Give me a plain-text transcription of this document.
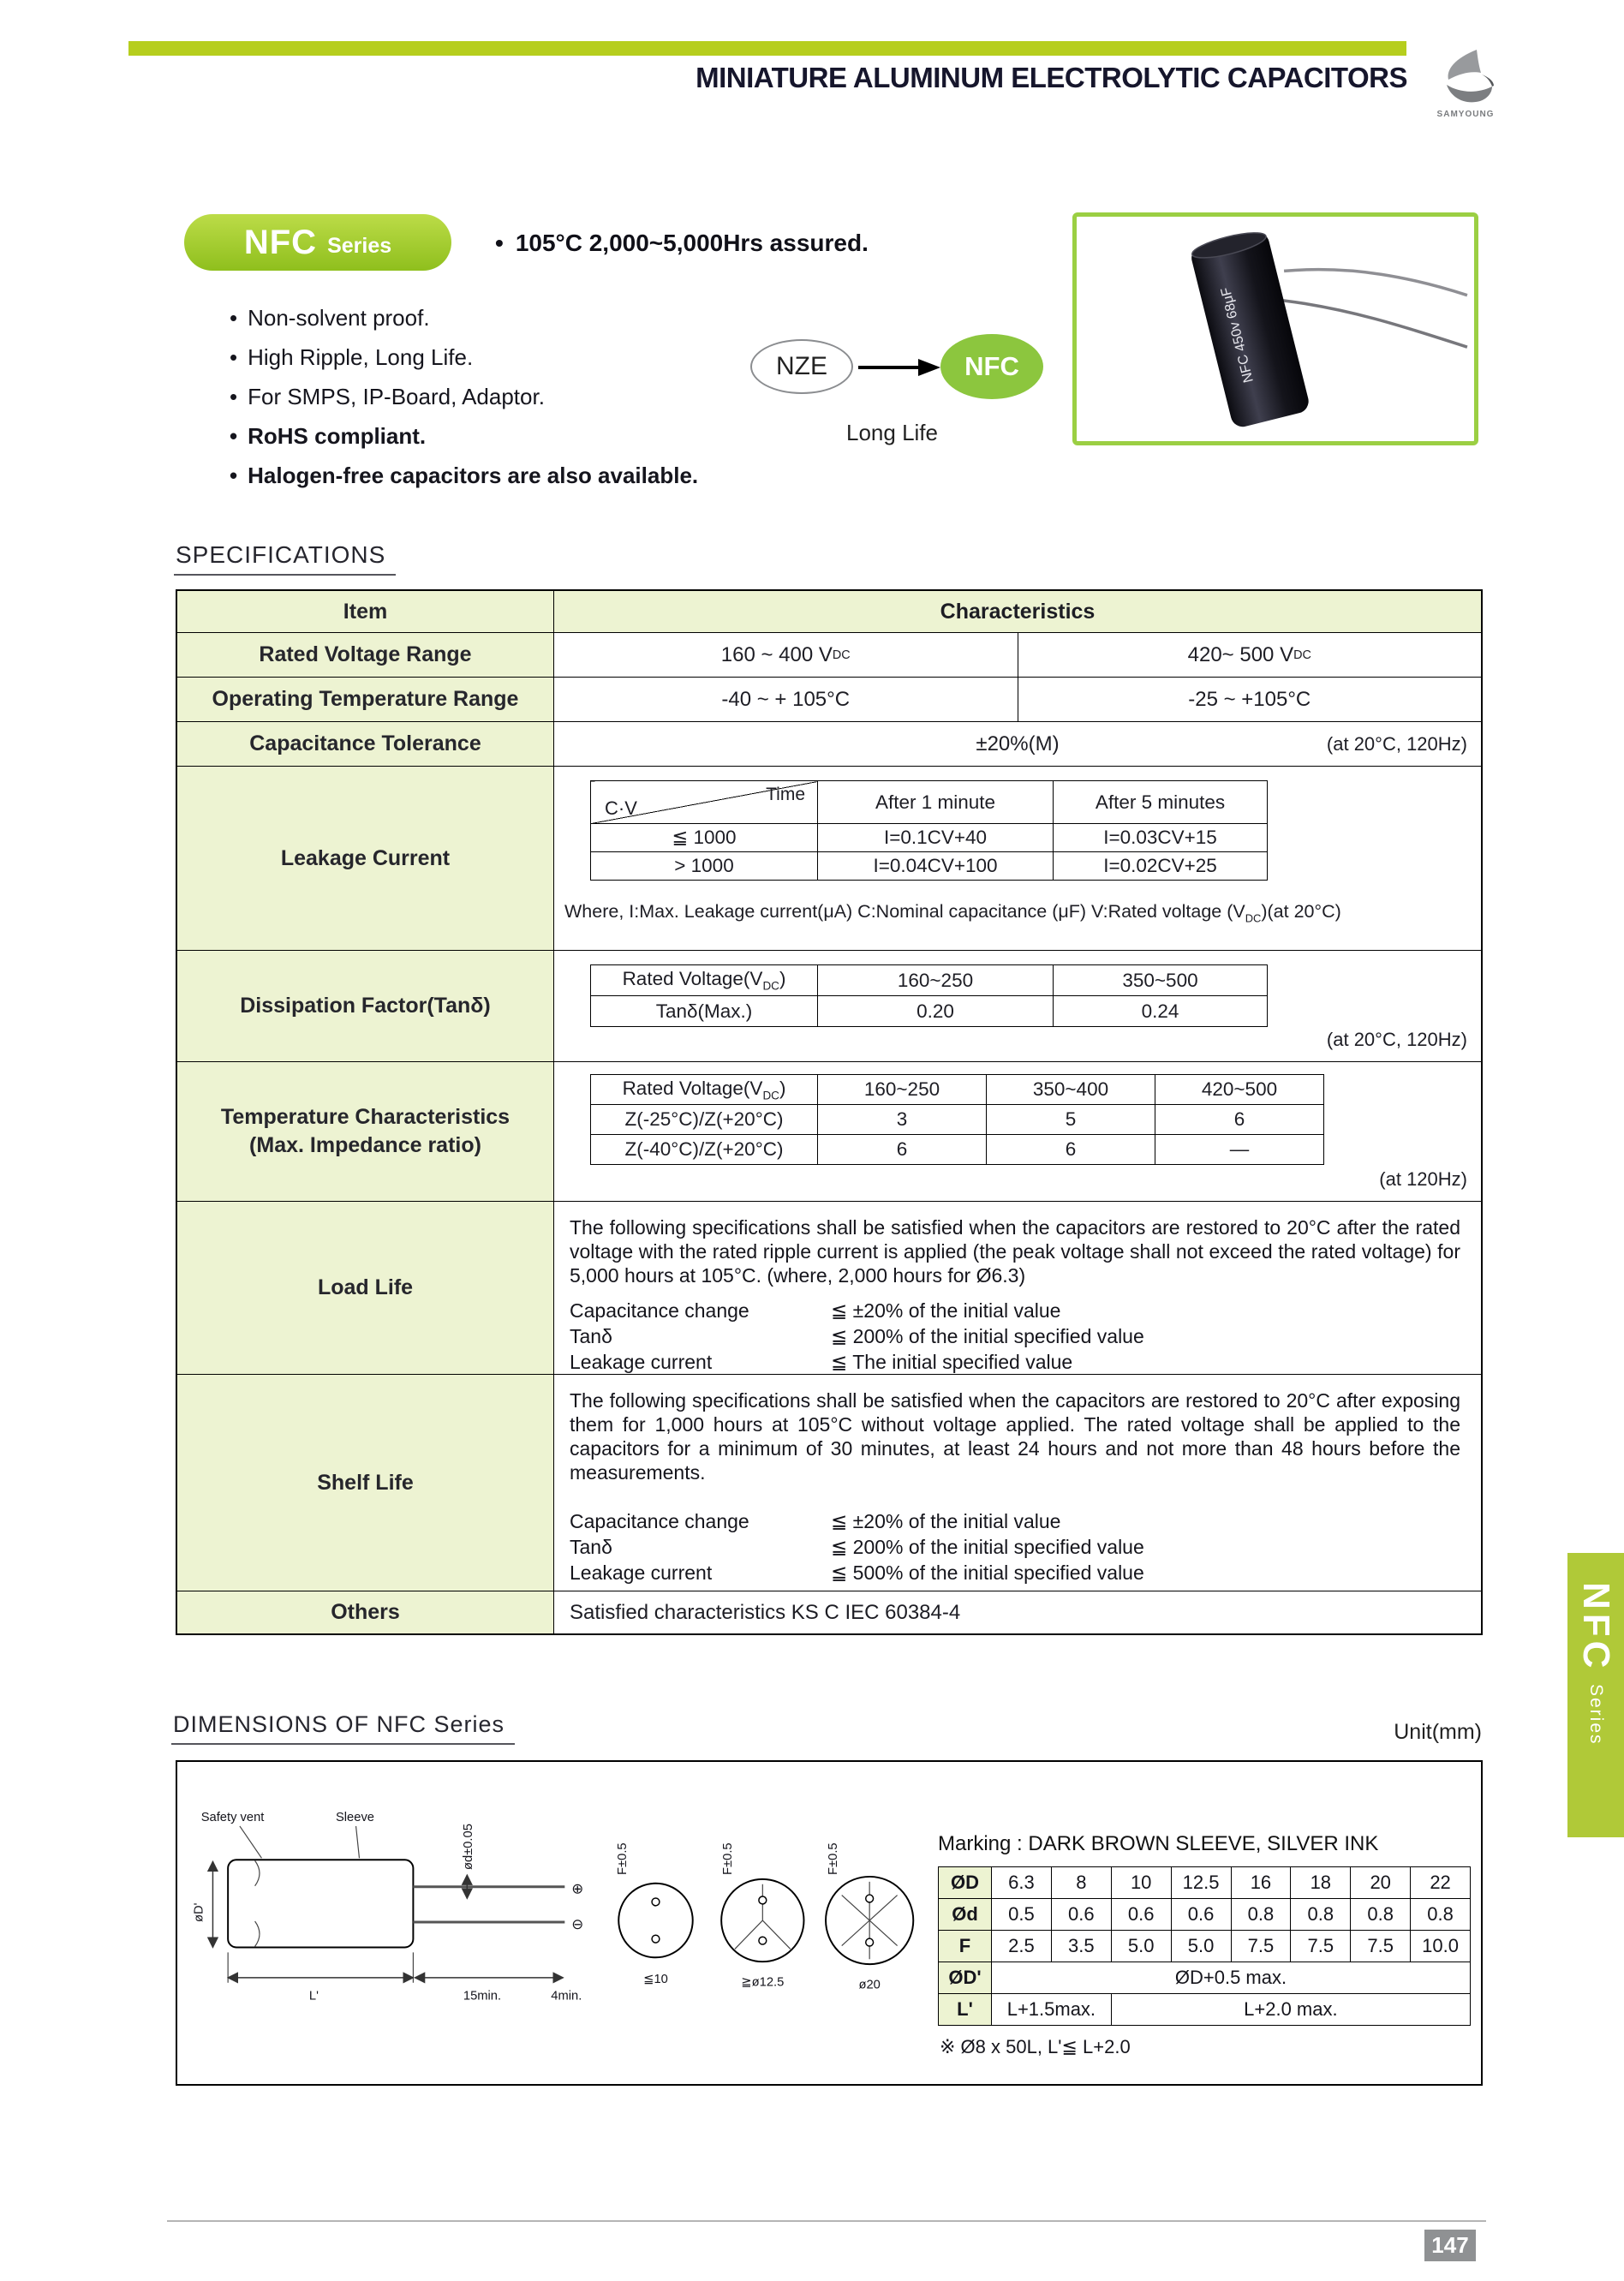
MINIATURE ALUMINUM ELECTROLYTIC CAPACITORS
SAMYOUNG
NFC Series	• 105°C 2,000~5,000Hrs assured.
• Non-solvent proof.
• High Ripple, Long Life.
• For SMPS, IP-Board, Adaptor.
• RoHS compliant.
• Halogen-free capacitors are also available.
NZE	NFC
Long Life
NFC 450v 68μF
SPECIFICATIONS
Item	Characteristics
Rated Voltage Range	160 ~ 400 V DC	420~ 500 V DC
Operating Temperature Range	-40 ~ + 105°C	-25 ~ +105°C
Capacitance Tolerance	±20%(M)	(at 20°C, 120Hz)
Leakage Current
Time
C·V	After 1 minute	After 5 minutes
≦ 1000	I=0.1CV+40	I=0.03CV+15
> 1000	I=0.04CV+100	I=0.02CV+25
Where, I:Max. Leakage current(μA) C:Nominal capacitance (μF) V:Rated voltage $(V_{DC})(at$ 20°C)
Dissipation Factor(Tanδ)
Rated $Voltage(V_{DC})$	160~250	350~500
Tanδ(Max.)	0.20	0.24
(at 20°C, 120Hz)
Temperature Characteristics
(Max. Impedance ratio)
Rated $Voltage(V_{DC})$	160~250	350~400	420~500
Z(-25°C)/Z(+20°C)	3	5	6
Z(-40°C)/Z(+20°C)	6	6	—
(at 120Hz)
Load Life

The following specifications shall be satisfied when the capacitors are restored to 20°C after the rated voltage with the rated ripple current is applied (the peak voltage shall not exceed the rated voltage) for 5,000 hours at 105°C. (where, 2,000 hours for Ø6.3)

Capacitance change	≦ ±20% of the initial value
Tanδ	≦ 200% of the initial specified value
Leakage current	≦ The initial specified value
Shelf Life

The following specifications shall be satisfied when the capacitors are restored to 20°C after exposing them for 1,000 hours at 105°C without voltage applied. The rated voltage shall be applied to the capacitors for a minimum of 30 minutes, at least 24 hours and not more than 48 hours before the measurements.

Capacitance change	≦ ±20% of the initial value
Tanδ	≦ 200% of the initial specified value
Leakage current	≦ 500% of the initial specified value
Others	Satisfied characteristics KS C IEC 60384-4
DIMENSIONS OF NFC Series	Unit(mm)
Safety vent	Sleeve
⊕
⊖
ød±0.05
øD'
L'	15min.	4min.
F±0.5	F±0.5	F±0.5
≦10	≧ø12.5	ø20
Marking : DARK BROWN SLEEVE, SILVER INK
ØD	6.3	8	10	12.5	16	18	20	22
Ød	0.5	0.6	0.6	0.6	0.8	0.8	0.8	0.8
F	2.5	3.5	5.0	5.0	7.5	7.5	7.5	10.0
ØD'	ØD+0.5 max.							
L'	L+1.5max.		L+2.0 max.					
※ Ø8 x 50L, L'≦ L+2.0
NFC
Series
147
